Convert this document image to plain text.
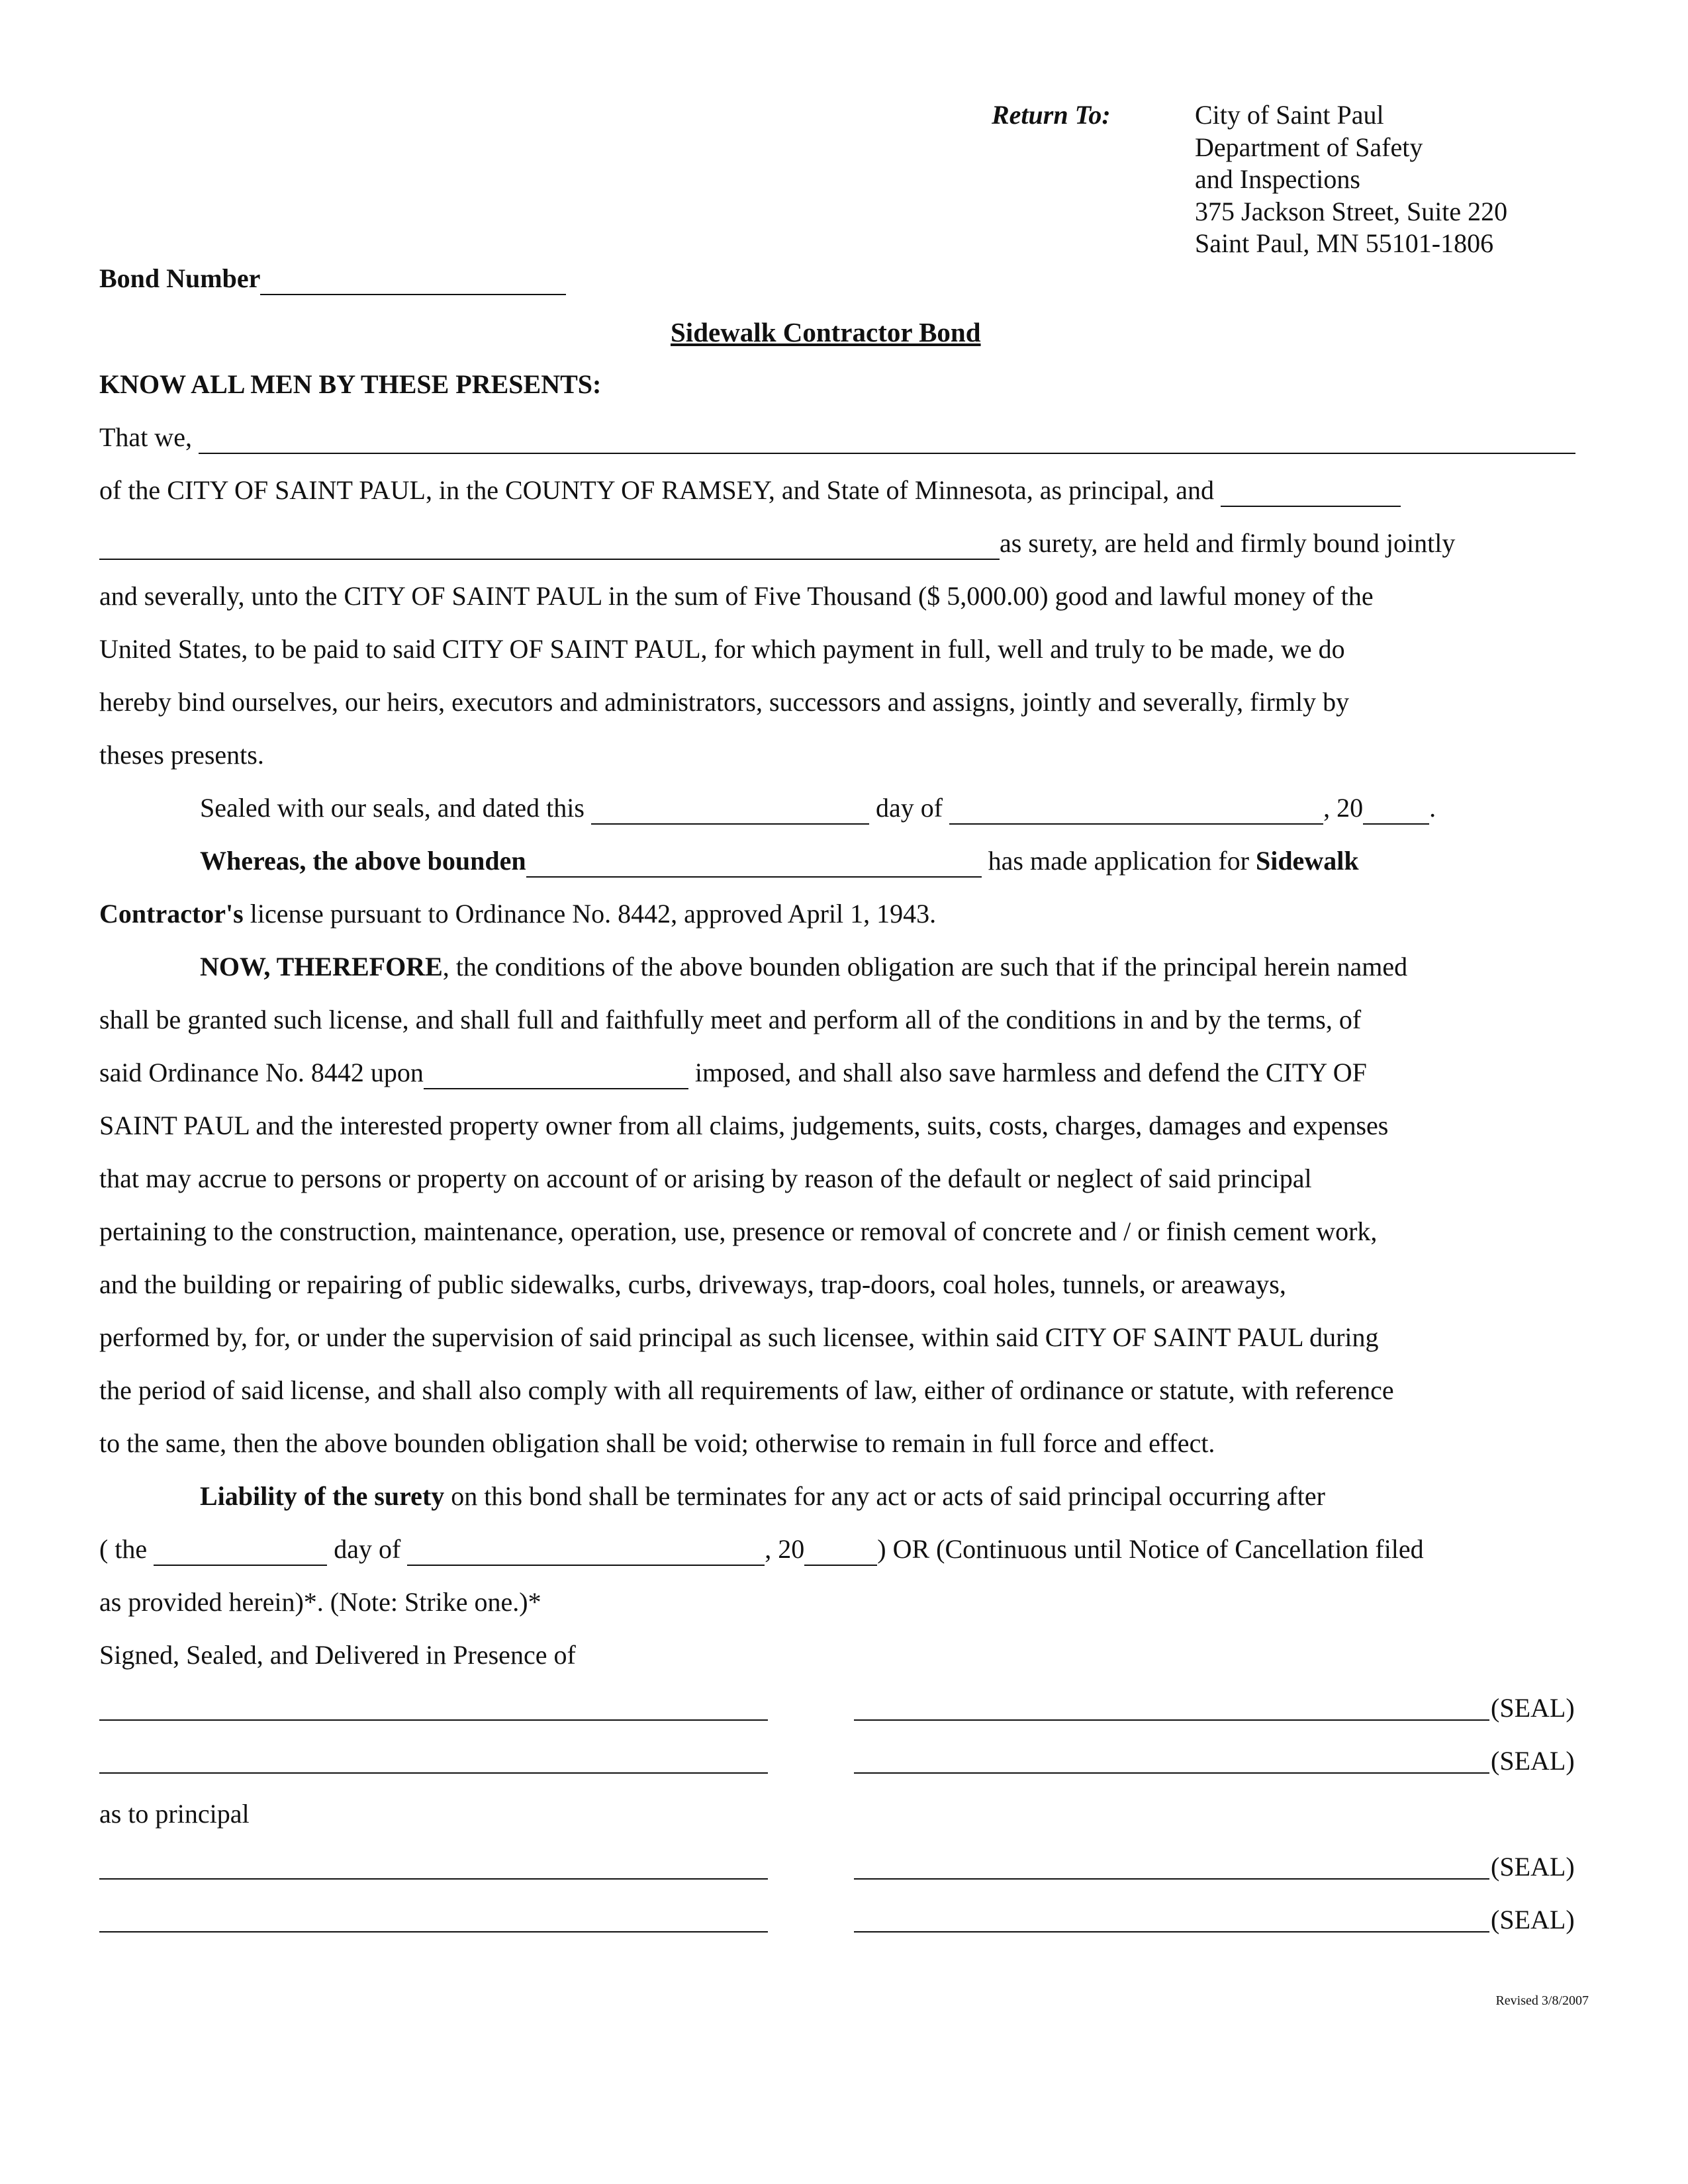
Return To:	City of Saint Paul
Department of Safety
and Inspections
375 Jackson Street, Suite 220
Saint Paul, MN 55101-1806
Bond Number
Sidewalk Contractor Bond
KNOW ALL MEN BY THESE PRESENTS:
That we,
of the CITY OF SAINT PAUL, in the COUNTY OF RAMSEY, and State of Minnesota, as principal, and
as surety, are held and firmly bound jointly
and severally, unto the CITY OF SAINT PAUL in the sum of Five Thousand ($ 5,000.00) good and lawful money of the
United States, to be paid to said CITY OF SAINT PAUL, for which payment in full, well and truly to be made, we do
hereby bind ourselves, our heirs, executors and administrators, successors and assigns, jointly and severally, firmly by
theses presents.
Sealed with our seals, and dated this	day of	, 20	.
Whereas, the above bounden	has made application for Sidewalk
Contractor's license pursuant to Ordinance No. 8442, approved April 1, 1943.
NOW, THEREFORE, the conditions of the above bounden obligation are such that if the principal herein named
shall be granted such license, and shall full and faithfully meet and perform all of the conditions in and by the terms, of
said Ordinance No. 8442 upon	imposed, and shall also save harmless and defend the CITY OF
SAINT PAUL and the interested property owner from all claims, judgements, suits, costs, charges, damages and expenses
that may accrue to persons or property on account of or arising by reason of the default or neglect of said principal
pertaining to the construction, maintenance, operation, use, presence or removal of concrete and / or finish cement work,
and the building or repairing of public sidewalks, curbs, driveways, trap-doors, coal holes, tunnels, or areaways,
performed by, for, or under the supervision of said principal as such licensee, within said CITY OF SAINT PAUL during
the period of said license, and shall also comply with all requirements of law, either of ordinance or statute, with reference
to the same, then the above bounden obligation shall be void; otherwise to remain in full force and effect.
Liability of the surety on this bond shall be terminates for any act or acts of said principal occurring after
( the	day of	, 20	) OR (Continuous until Notice of Cancellation filed
as provided herein)*. (Note: Strike one.)*
Signed, Sealed, and Delivered in Presence of
(SEAL)
(SEAL)
as to principal
(SEAL)
(SEAL)
Revised 3/8/2007
